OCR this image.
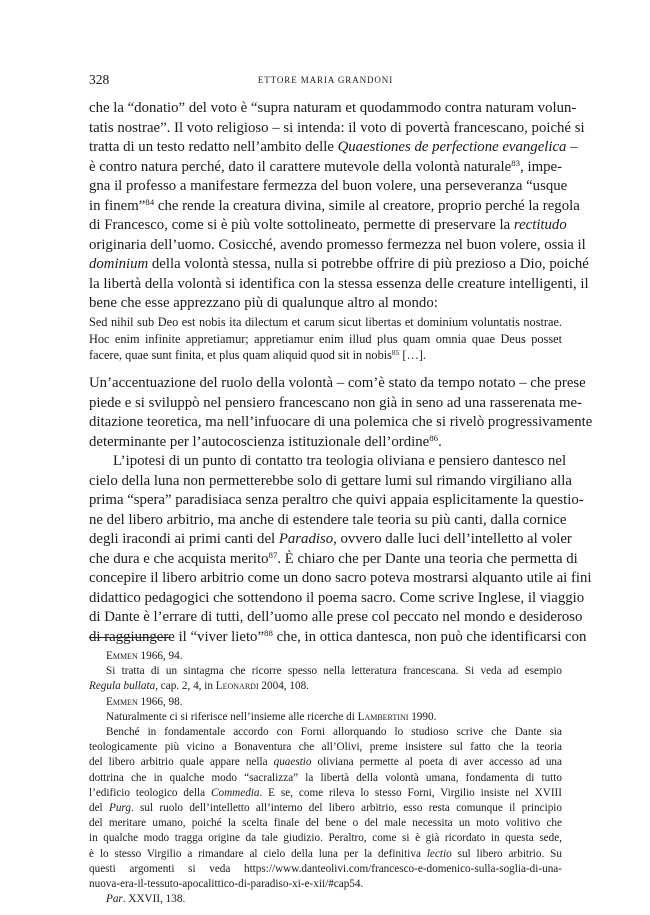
328	ETTORE MARIA GRANDONI
che la “donatio” del voto è “supra naturam et quodammodo contra naturam volun-
tatis nostrae”. Il voto religioso – si intenda: il voto di povertà francescano, poiché si
tratta di un testo redatto nell’ambito delle Quaestiones de perfectione evangelica –
è contro natura perché, dato il carattere mutevole della volontà naturale$^{83}$, impe-
gna il professo a manifestare fermezza del buon volere, una perseveranza “usque
in finem”$^{84}$ che rende la creatura divina, simile al creatore, proprio perché la regola
di Francesco, come si è più volte sottolineato, permette di preservare la rectitudo
originaria dell’uomo. Cosicché, avendo promesso fermezza nel buon volere, ossia il
dominium della volontà stessa, nulla si potrebbe offrire di più prezioso a Dio, poiché
la libertà della volontà si identifica con la stessa essenza delle creature intelligenti, il
bene che esse apprezzano più di qualunque altro al mondo:
Sed nihil sub Deo est nobis ita dilectum et carum sicut libertas et dominium voluntatis nostrae.
Hoc enim infinite appretiamur; appretiamur enim illud plus quam omnia quae Deus posset
facere, quae sunt finita, et plus quam aliquid quod sit in nobis$^{85}$ […].
Un’accentuazione del ruolo della volontà – com’è stato da tempo notato – che prese
piede e si sviluppò nel pensiero francescano non già in seno ad una rasserenata me-
ditazione teoretica, ma nell’infuocare di una polemica che si rivelò progressivamente
determinante per l’autocoscienza istituzionale dell’ordine$^{86}$.
L’ipotesi di un punto di contatto tra teologia oliviana e pensiero dantesco nel
cielo della luna non permetterebbe solo di gettare lumi sul rimando virgiliano alla
prima “spera” paradisiaca senza peraltro che quivi appaia esplicitamente la questio-
ne del libero arbitrio, ma anche di estendere tale teoria su più canti, dalla cornice
degli iracondi ai primi canti del Paradiso, ovvero dalle luci dell’intelletto al voler
che dura e che acquista merito$^{87}$. È chiaro che per Dante una teoria che permetta di
concepire il libero arbitrio come un dono sacro poteva mostrarsi alquanto utile ai fini
didattico pedagogici che sottendono il poema sacro. Come scrive Inglese, il viaggio
di Dante è l’errare di tutti, dell’uomo alle prese col peccato nel mondo e desideroso
di raggiungere il “viver lieto”$^{88}$ che, in ottica dantesca, non può che identificarsi con
Emmen 1966, 94.
Si tratta di un sintagma che ricorre spesso nella letteratura francescana. Si veda ad esempio
Regula bullata, cap. 2, 4, in Leonardi 2004, 108.
Emmen 1966, 98.
Naturalmente ci si riferisce nell’insieme alle ricerche di Lambertini 1990.
Benché in fondamentale accordo con Forni allorquando lo studioso scrive che Dante sia
teologicamente più vicino a Bonaventura che all’Olivi, preme insistere sul fatto che la teoria
del libero arbitrio quale appare nella quaestio oliviana permette al poeta di aver accesso ad una
dottrina che in qualche modo “sacralizza” la libertà della volontà umana, fondamenta di tutto
l’edificio teologico della Commedia. E se, come rileva lo stesso Forni, Virgilio insiste nel XVIII
del Purg. sul ruolo dell’intelletto all’interno del libero arbitrio, esso resta comunque il principio
del meritare umano, poiché la scelta finale del bene o del male necessita un moto volitivo che
in qualche modo tragga origine da tale giudizio. Peraltro, come si è già ricordato in questa sede,
è lo stesso Virgilio a rimandare al cielo della luna per la definitiva lectio sul libero arbitrio. Su
questi argomenti si veda https://www.danteolivi.com/francesco-e-domenico-sulla-soglia-di-una-
nuova-era-il-tessuto-apocalittico-di-paradiso-xi-e-xii/#cap54.
Par. XXVII, 138.
